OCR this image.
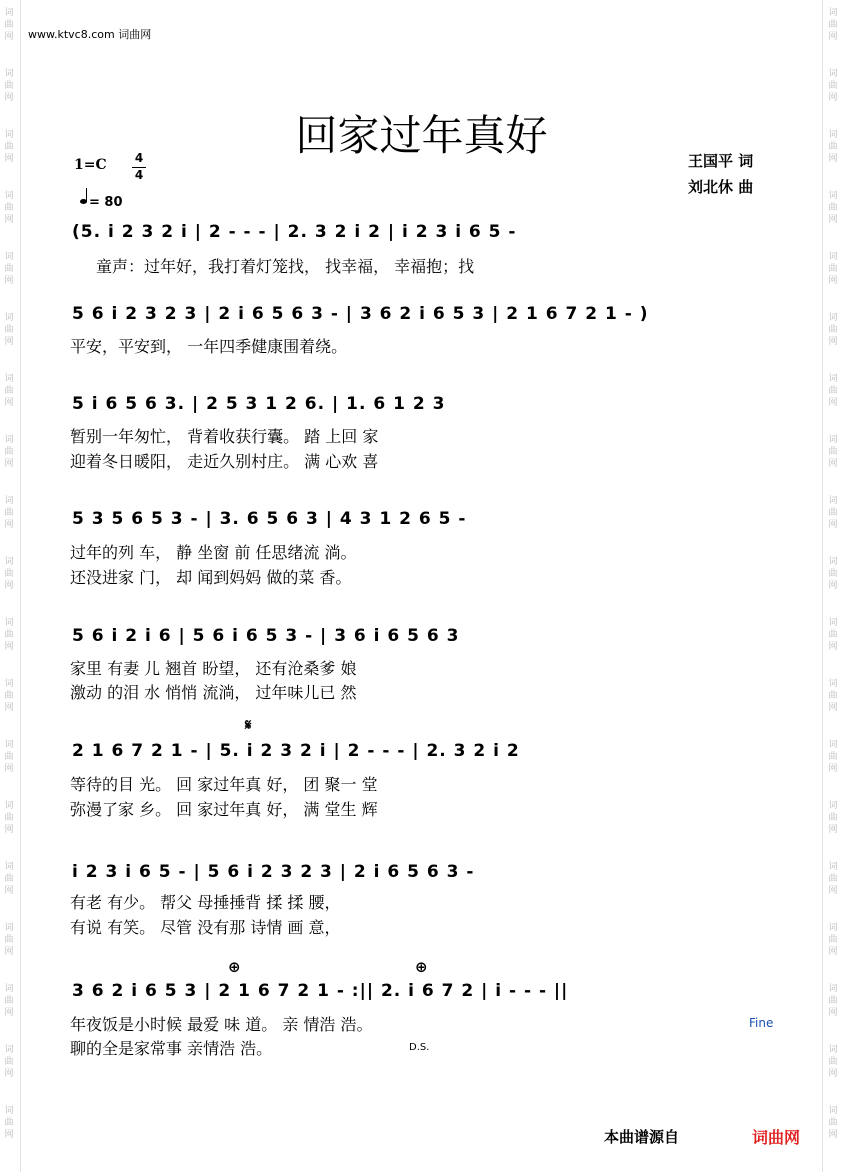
词
曲
网
词
曲
网
词
曲
网
词
曲
网
词
曲
网
词
曲
网
词
曲
网
词
曲
网
词
曲
网
词
曲
网
词
曲
网
词
曲
网
词
曲
网
词
曲
网
词
曲
网
词
曲
网
词
曲
网
词
曲
网
词
曲
网
词
曲
网
词
曲
网
词
曲
网
词
曲
网
词
曲
网
词
曲
网
词
曲
网
词
曲
网
词
曲
网
词
曲
网
词
曲
网
词
曲
网
词
曲
网
词
曲
网
词
曲
网
词
曲
网
词
曲
网
词
曲
网
词
曲
网
www.ktvc8.com 词曲网
回家过年真好
1=C	4
4
= 80
王国平 词
刘北休 曲
(5. i 2 3 2 i | 2 - - - | 2. 3 2 i 2 | i 2 3 i 6 5 -
童声：过年好，我打着灯笼找， 找幸福， 幸福抱；找
5 6 i 2 3 2 3 | 2 i 6 5 6 3 - | 3 6 2 i 6 5 3 | 2 1 6 7 2 1 - )
平安，平安到， 一年四季健康围着绕。
5 i 6 5 6 3. | 2 5 3 1 2 6. | 1. 6 1 2 3
暂别一年匆忙， 背着收获行囊。 踏 上回 家
迎着冬日暖阳， 走近久别村庄。 满 心欢 喜
5 3 5 6 5 3 - | 3. 6 5 6 3 | 4 3 1 2 6 5 -
过年的列 车， 静 坐窗 前 任思绪流 淌。
还没进家 门， 却 闻到妈妈 做的菜 香。
5 6 i 2 i 6 | 5 6 i 6 5 3 - | 3 6 i 6 5 6 3
家里 有妻 儿 翘首 盼望， 还有沧桑爹 娘
激动 的泪 水 悄悄 流淌， 过年味儿已 然
𝄋
2 1 6 7 2 1 - | 5. i 2 3 2 i | 2 - - - | 2. 3 2 i 2
等待的目 光。 回 家过年真 好， 团 聚一 堂
弥漫了家 乡。 回 家过年真 好， 满 堂生 辉
i 2 3 i 6 5 - | 5 6 i 2 3 2 3 | 2 i 6 5 6 3 -
有老 有少。 帮父 母捶捶背 揉 揉 腰，
有说 有笑。 尽管 没有那 诗情 画 意，
⊕	⊕
3 6 2 i 6 5 3 | 2 1 6 7 2 1 - :|| 2. i 6 7 2 | i - - - ||
年夜饭是小时候 最爱 味 道。 亲 情浩 浩。
聊的全是家常事 亲情浩 浩。
Fine
D.S.
本曲谱源自	词曲网
